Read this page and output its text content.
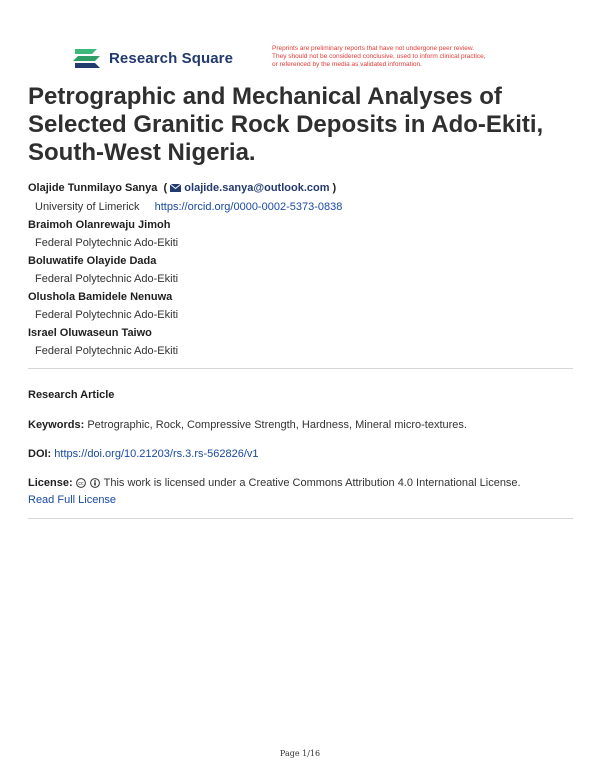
Research Square
Preprints are preliminary reports that have not undergone peer review.
They should not be considered conclusive, used to inform clinical practice,
or referenced by the media as validated information.
Petrographic and Mechanical Analyses of Selected Granitic Rock Deposits in Ado-Ekiti, South-West Nigeria.
Olajide Tunmilayo Sanya  (  olajide.sanya@outlook.com )
University of Limerick https://orcid.org/0000-0002-5373-0838
Braimoh Olanrewaju Jimoh
Federal Polytechnic Ado-Ekiti
Boluwatife Olayide Dada
Federal Polytechnic Ado-Ekiti
Olushola Bamidele Nenuwa
Federal Polytechnic Ado-Ekiti
Israel Oluwaseun Taiwo
Federal Polytechnic Ado-Ekiti
Research Article
Keywords: Petrographic, Rock, Compressive Strength, Hardness, Mineral micro-textures.
DOI: https://doi.org/10.21203/rs.3.rs-562826/v1
License: cc This work is licensed under a Creative Commons Attribution 4.0 International License.
Read Full License
Page 1/16
